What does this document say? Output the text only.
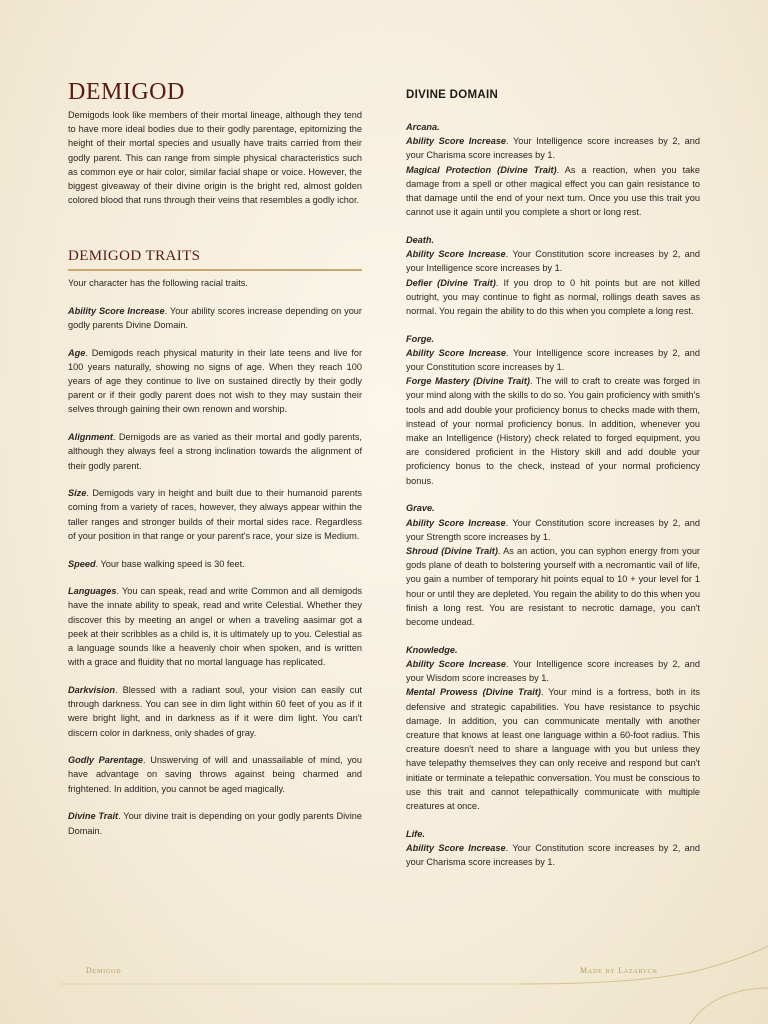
DEMIGOD

Demigods look like members of their mortal lineage, although they tend to have more ideal bodies due to their godly parentage, epitomizing the height of their mortal species and usually have traits carried from their godly parent. This can range from simple physical characteristics such as common eye or hair color, similar facial shape or voice. However, the biggest giveaway of their divine origin is the bright red, almost golden colored blood that runs through their veins that resembles a godly ichor.

DEMIGOD TRAITS

Your character has the following racial traits.

Ability Score Increase. Your ability scores increase depending on your godly parents Divine Domain.

Age. Demigods reach physical maturity in their late teens and live for 100 years naturally, showing no signs of age. When they reach 100 years of age they continue to live on sustained directly by their godly parent or if their godly parent does not wish to they may sustain their selves through gaining their own renown and worship.

Alignment. Demigods are as varied as their mortal and godly parents, although they always feel a strong inclination towards the alignment of their godly parent.

Size. Demigods vary in height and built due to their humanoid parents coming from a variety of races, however, they always appear within the taller ranges and stronger builds of their mortal sides race. Regardless of your position in that range or your parent's race, your size is Medium.

Speed. Your base walking speed is 30 feet.

Languages. You can speak, read and write Common and all demigods have the innate ability to speak, read and write Celestial. Whether they discover this by meeting an angel or when a traveling aasimar got a peek at their scribbles as a child is, it is ultimately up to you. Celestial as a language sounds like a heavenly choir when spoken, and is written with a grace and fluidity that no mortal language has replicated.

Darkvision. Blessed with a radiant soul, your vision can easily cut through darkness. You can see in dim light within 60 feet of you as if it were bright light, and in darkness as if it were dim light. You can't discern color in darkness, only shades of gray.

Godly Parentage. Unswerving of will and unassailable of mind, you have advantage on saving throws against being charmed and frightened. In addition, you cannot be aged magically.

Divine Trait. Your divine trait is depending on your godly parents Divine Domain.

DIVINE DOMAIN

Arcana.

Ability Score Increase. Your Intelligence score increases by 2, and your Charisma score increases by 1.

Magical Protection (Divine Trait). As a reaction, when you take damage from a spell or other magical effect you can gain resistance to that damage until the end of your next turn. Once you use this trait you cannot use it again until you complete a short or long rest.

Death.

Ability Score Increase. Your Constitution score increases by 2, and your Intelligence score increases by 1.

Defier (Divine Trait). If you drop to 0 hit points but are not killed outright, you may continue to fight as normal, rollings death saves as normal. You regain the ability to do this when you complete a long rest.

Forge.

Ability Score Increase. Your Intelligence score increases by 2, and your Constitution score increases by 1.

Forge Mastery (Divine Trait). The will to craft to create was forged in your mind along with the skills to do so. You gain proficiency with smith's tools and add double your proficiency bonus to checks made with them, instead of your normal proficiency bonus. In addition, whenever you make an Intelligence (History) check related to forged equipment, you are considered proficient in the History skill and add double your proficiency bonus to the check, instead of your normal proficiency bonus.

Grave.

Ability Score Increase. Your Constitution score increases by 2, and your Strength score increases by 1.

Shroud (Divine Trait). As an action, you can syphon energy from your gods plane of death to bolstering yourself with a necromantic vail of life, you gain a number of temporary hit points equal to 10 + your level for 1 hour or until they are depleted. You regain the ability to do this when you finish a long rest. You are resistant to necrotic damage, you can't become undead.

Knowledge.

Ability Score Increase. Your Intelligence score increases by 2, and your Wisdom score increases by 1.

Mental Prowess (Divine Trait). Your mind is a fortress, both in its defensive and strategic capabilities. You have resistance to psychic damage. In addition, you can communicate mentally with another creature that knows at least one language within a 60-foot radius. This creature doesn't need to share a language with you but unless they have telepathy themselves they can only receive and respond but can't initiate or terminate a telepathic conversation. You must be conscious to use this trait and cannot telepathically communicate with multiple creatures at once.

Life.

Ability Score Increase. Your Constitution score increases by 2, and your Charisma score increases by 1.

Demigod	Made by Lazarvck
